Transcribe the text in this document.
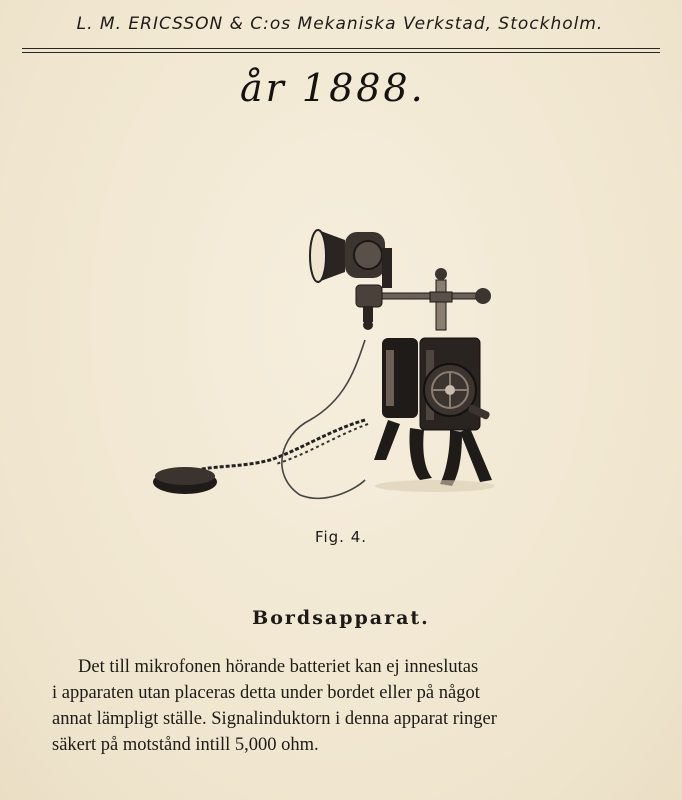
L. M. ERICSSON & C:os Mekaniska Verkstad, Stockholm.
år 1888.
Fig. 4.
Bordsapparat.
Det till mikrofonen hörande batteriet kan ej inneslutas
i apparaten utan placeras detta under bordet eller på något
annat lämpligt ställe. Signalinduktorn i denna apparat ringer
säkert på motstånd intill 5,000 ohm.
